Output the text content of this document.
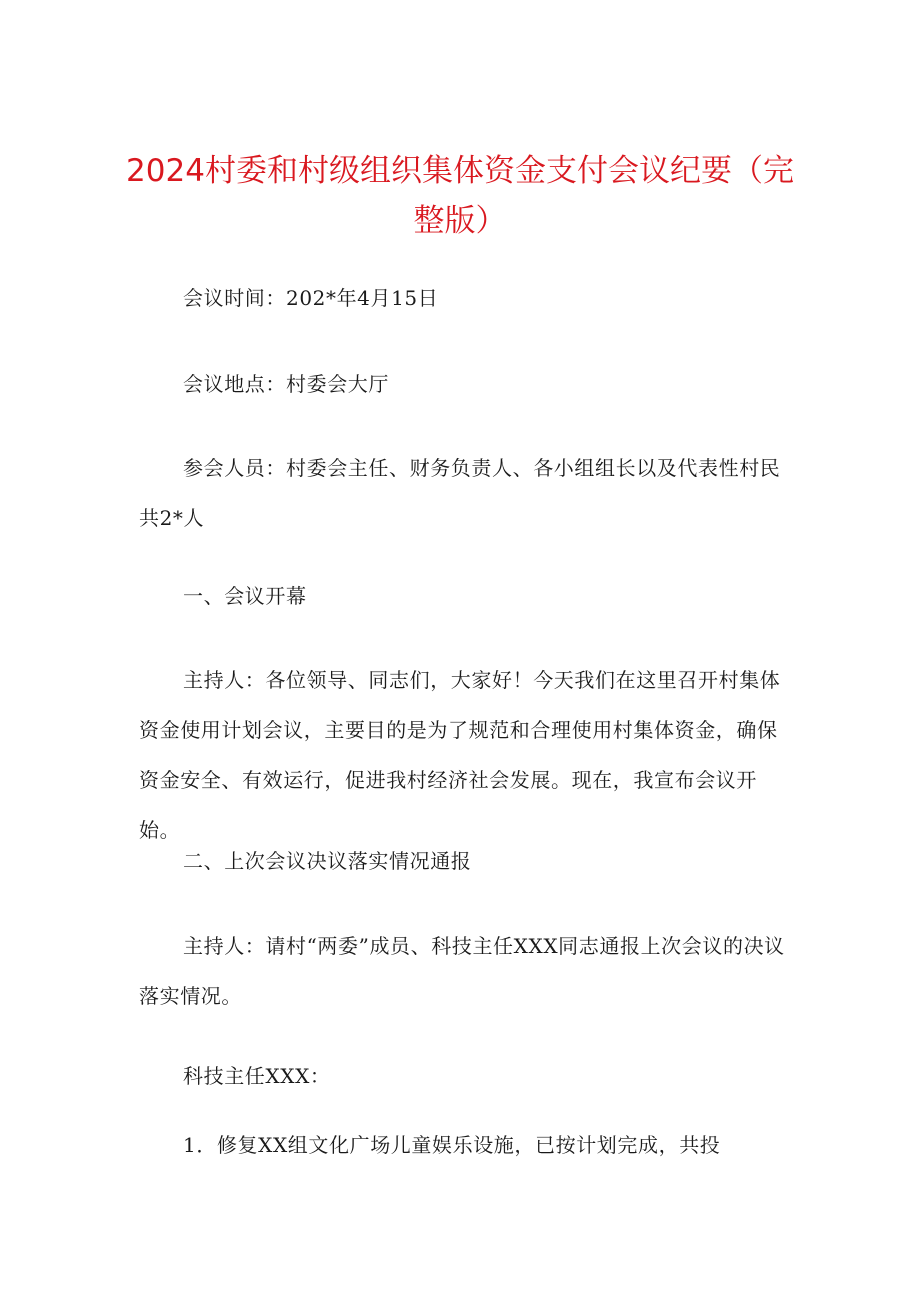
2024村委和村级组织集体资金支付会议纪要（完整版）

会议时间：202*年4月15日

会议地点：村委会大厅

参会人员：村委会主任、财务负责人、各小组组长以及代表性村民共2*人

一、会议开幕

主持人：各位领导、同志们，大家好！今天我们在这里召开村集体资金使用计划会议，主要目的是为了规范和合理使用村集体资金，确保资金安全、有效运行，促进我村经济社会发展。现在，我宣布会议开始。

二、上次会议决议落实情况通报

主持人：请村“两委”成员、科技主任XXX同志通报上次会议的决议落实情况。

科技主任XXX：

1．修复XX组文化广场儿童娱乐设施，已按计划完成，共投
